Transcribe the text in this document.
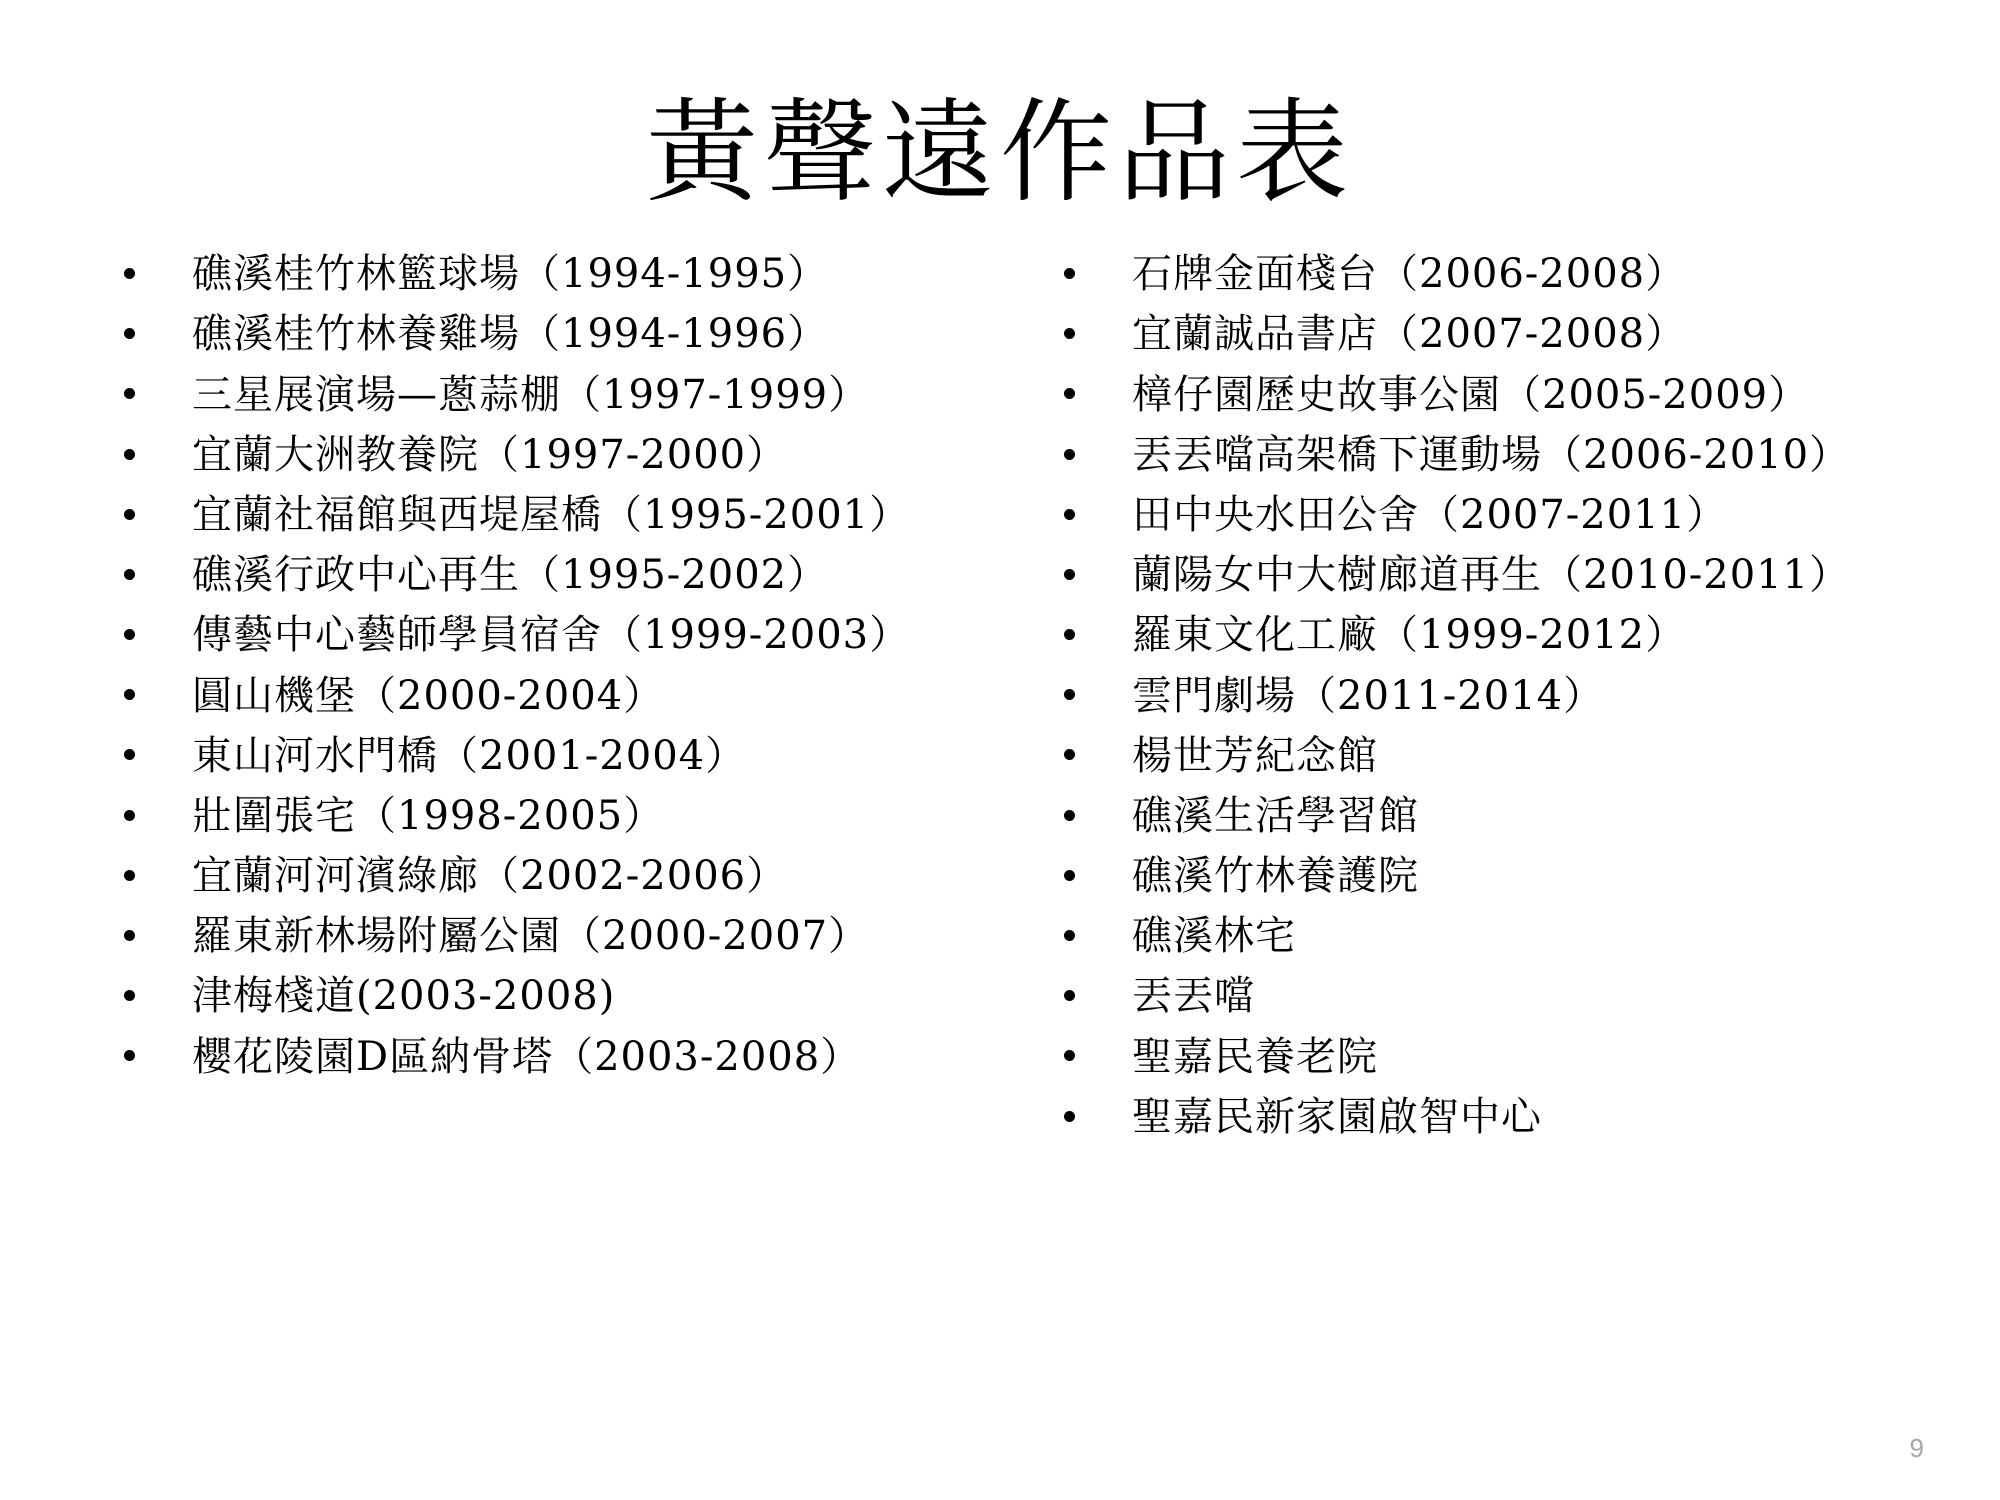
黃聲遠作品表
礁溪桂竹林籃球場（1994-1995）
礁溪桂竹林養雞場（1994-1996）
三星展演場—蔥蒜棚（1997-1999）
宜蘭大洲教養院（1997-2000）
宜蘭社福館與西堤屋橋（1995-2001）
礁溪行政中心再生（1995-2002）
傳藝中心藝師學員宿舍（1999-2003）
圓山機堡（2000-2004）
東山河水門橋（2001-2004）
壯圍張宅（1998-2005）
宜蘭河河濱綠廊（2002-2006）
羅東新林場附屬公園（2000-2007）
津梅棧道(2003-2008)
櫻花陵園D區納骨塔（2003-2008）
石牌金面棧台（2006-2008）
宜蘭誠品書店（2007-2008）
樟仔園歷史故事公園（2005-2009）
丟丟噹高架橋下運動場（2006-2010）
田中央水田公舍（2007-2011）
蘭陽女中大樹廊道再生（2010-2011）
羅東文化工廠（1999-2012）
雲門劇場（2011-2014）
楊世芳紀念館
礁溪生活學習館
礁溪竹林養護院
礁溪林宅
丟丟噹
聖嘉民養老院
聖嘉民新家園啟智中心
9
